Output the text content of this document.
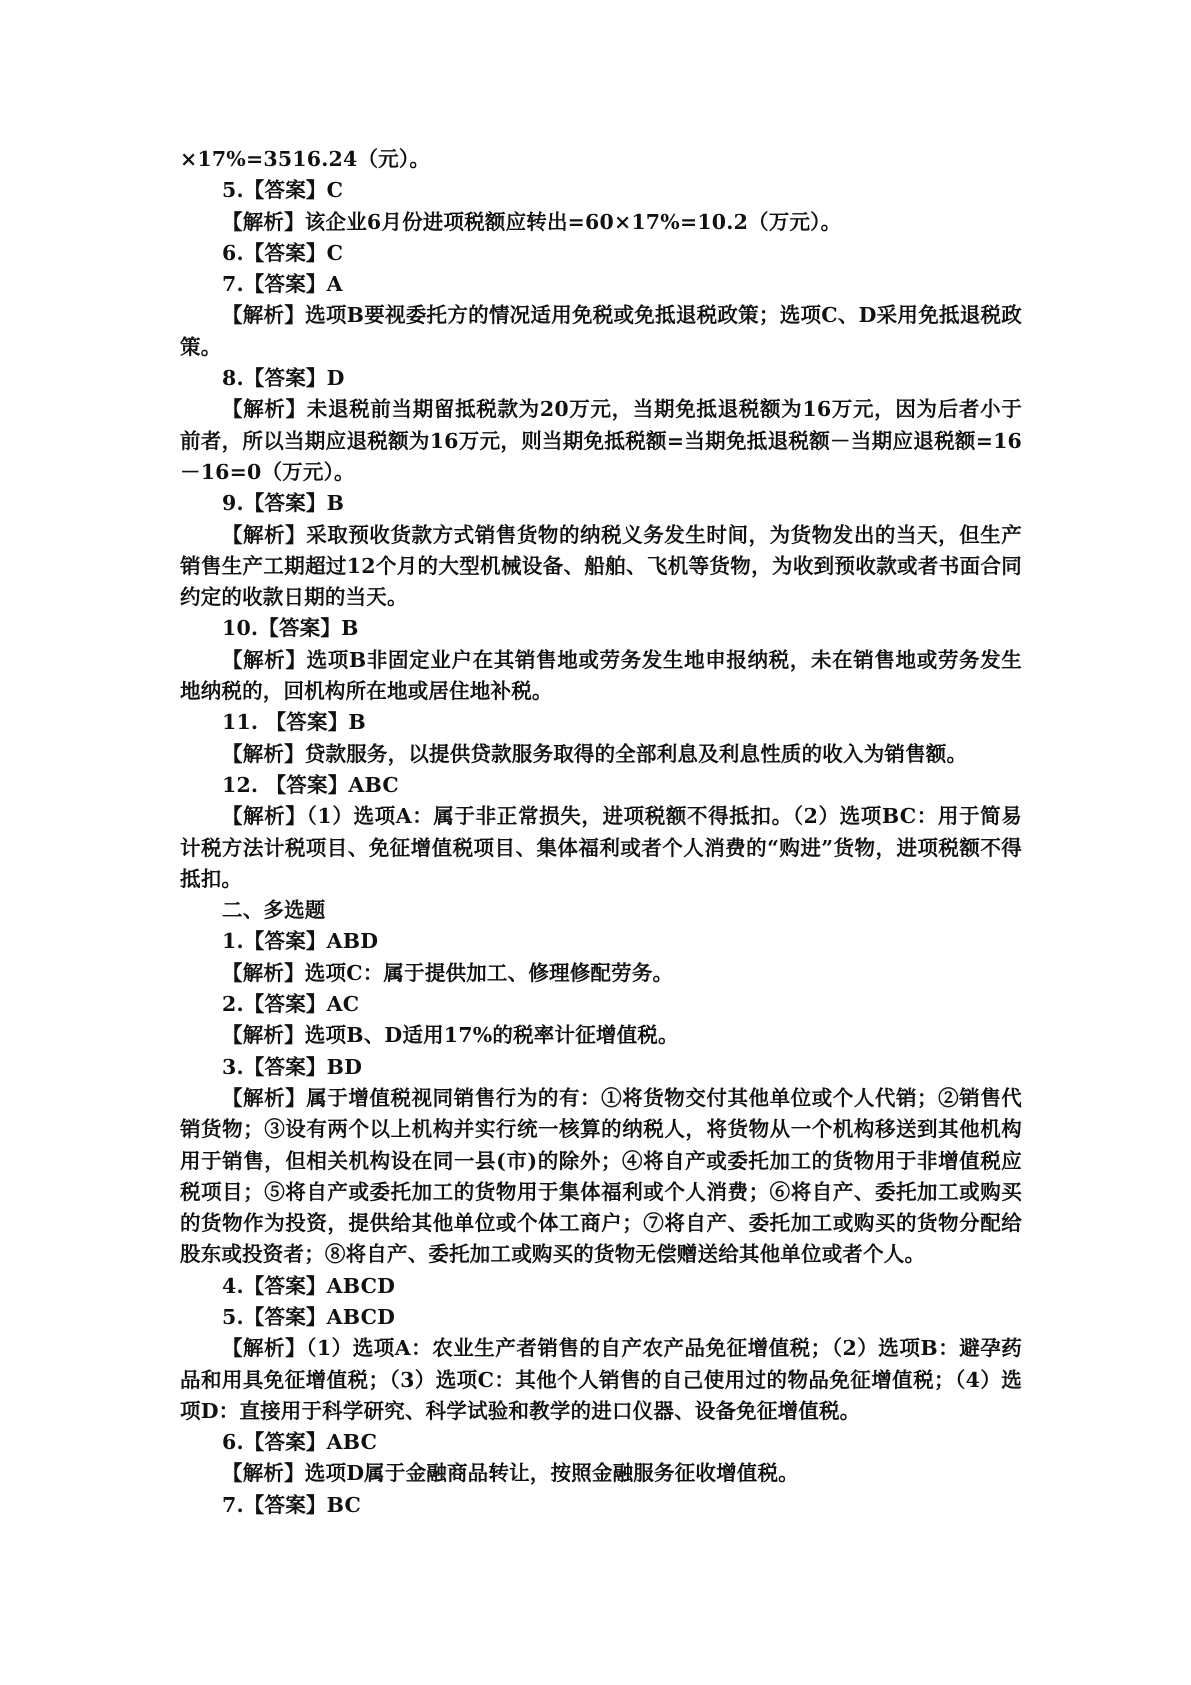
×17%=3516.24（元）。
5.【答案】C
【解析】该企业6月份进项税额应转出=60×17%=10.2（万元）。
6.【答案】C
7.【答案】A
【解析】选项B要视委托方的情况适用免税或免抵退税政策；选项C、D采用免抵退税政策。
8.【答案】D
【解析】未退税前当期留抵税款为20万元，当期免抵退税额为16万元，因为后者小于前者，所以当期应退税额为16万元，则当期免抵税额=当期免抵退税额－当期应退税额=16－16=0（万元）。
9.【答案】B
【解析】采取预收货款方式销售货物的纳税义务发生时间，为货物发出的当天，但生产销售生产工期超过12个月的大型机械设备、船舶、飞机等货物，为收到预收款或者书面合同约定的收款日期的当天。
10.【答案】B
【解析】选项B非固定业户在其销售地或劳务发生地申报纳税，未在销售地或劳务发生地纳税的，回机构所在地或居住地补税。
11. 【答案】B
【解析】贷款服务，以提供贷款服务取得的全部利息及利息性质的收入为销售额。
12. 【答案】ABC
【解析】（1）选项A：属于非正常损失，进项税额不得抵扣。（2）选项BC：用于简易计税方法计税项目、免征增值税项目、集体福利或者个人消费的“购进”货物，进项税额不得抵扣。
二、多选题
1.【答案】ABD
【解析】选项C：属于提供加工、修理修配劳务。
2.【答案】AC
【解析】选项B、D适用17%的税率计征增值税。
3.【答案】BD
【解析】属于增值税视同销售行为的有：①将货物交付其他单位或个人代销；②销售代销货物；③设有两个以上机构并实行统一核算的纳税人，将货物从一个机构移送到其他机构用于销售，但相关机构设在同一县(市)的除外；④将自产或委托加工的货物用于非增值税应税项目；⑤将自产或委托加工的货物用于集体福利或个人消费；⑥将自产、委托加工或购买的货物作为投资，提供给其他单位或个体工商户；⑦将自产、委托加工或购买的货物分配给股东或投资者；⑧将自产、委托加工或购买的货物无偿赠送给其他单位或者个人。
4.【答案】ABCD
5.【答案】ABCD
【解析】（1）选项A：农业生产者销售的自产农产品免征增值税；（2）选项B：避孕药品和用具免征增值税；（3）选项C：其他个人销售的自己使用过的物品免征增值税；（4）选项D：直接用于科学研究、科学试验和教学的进口仪器、设备免征增值税。
6.【答案】ABC
【解析】选项D属于金融商品转让，按照金融服务征收增值税。
7.【答案】BC
